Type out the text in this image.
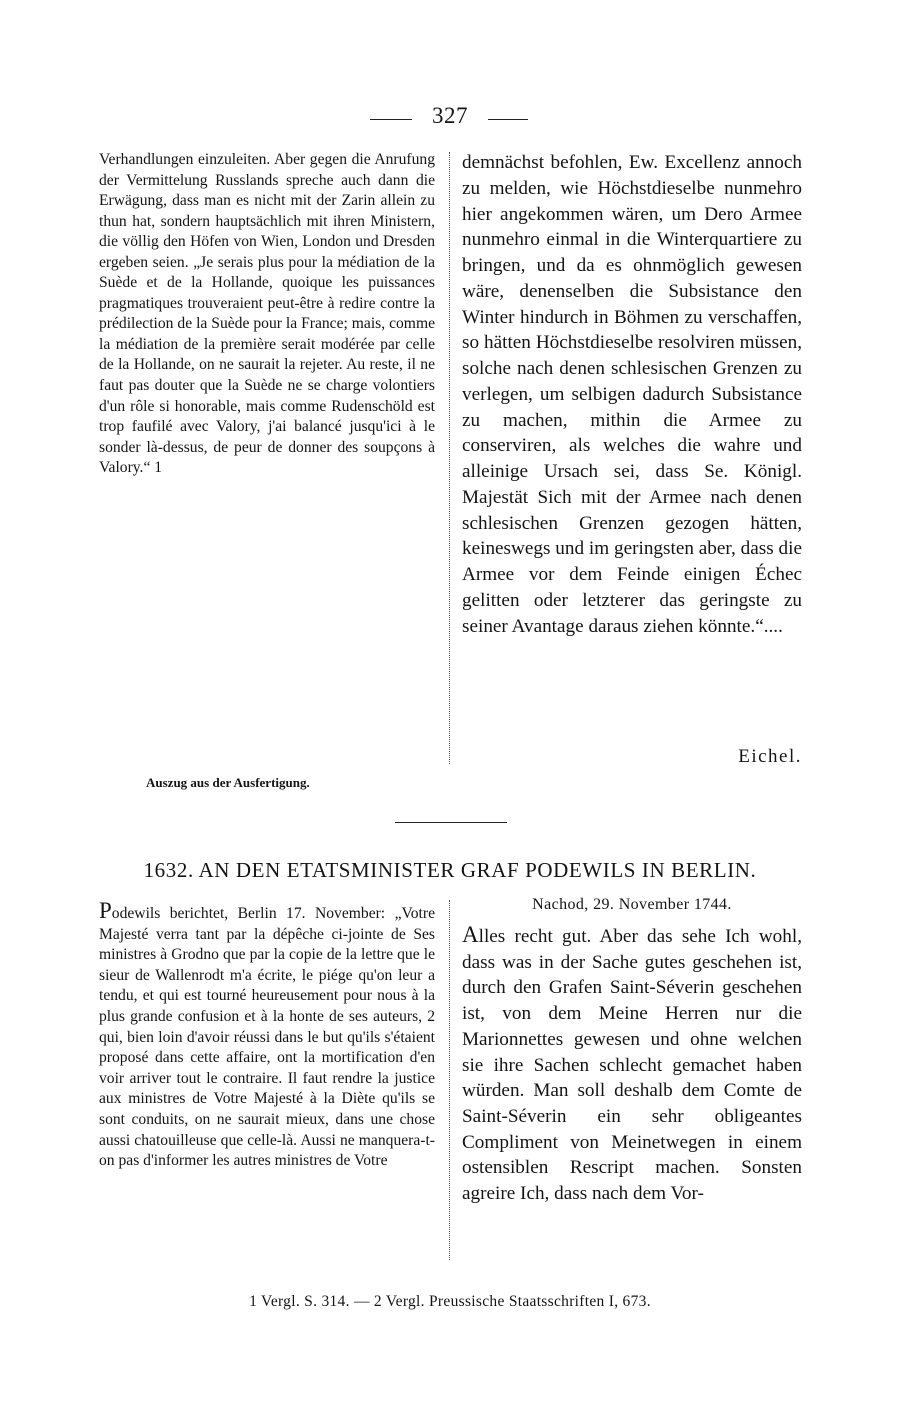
327

Verhandlungen einzuleiten. Aber gegen die Anrufung der Vermittelung Russlands spreche auch dann die Erwägung, dass man es nicht mit der Zarin allein zu thun hat, sondern hauptsächlich mit ihren Ministern, die völlig den Höfen von Wien, London und Dresden ergeben seien. „Je serais plus pour la médiation de la Suède et de la Hollande, quoique les puissances pragmatiques trouveraient peut-être à redire contre la prédilection de la Suède pour la France; mais, comme la médiation de la première serait modérée par celle de la Hollande, on ne saurait la rejeter. Au reste, il ne faut pas douter que la Suède ne se charge volontiers d'un rôle si honorable, mais comme Rudenschöld est trop faufilé avec Valory, j'ai balancé jusqu'ici à le sonder là-dessus, de peur de donner des soupçons à Valory.“ 1

demnächst befohlen, Ew. Excellenz annoch zu melden, wie Höchstdieselbe nunmehro hier angekommen wären, um Dero Armee nunmehro einmal in die Winterquartiere zu bringen, und da es ohnmöglich gewesen wäre, denenselben die Subsistance den Winter hindurch in Böhmen zu verschaffen, so hätten Höchstdieselbe resolviren müssen, solche nach denen schlesischen Grenzen zu verlegen, um selbigen dadurch Subsistance zu machen, mithin die Armee zu conserviren, als welches die wahre und alleinige Ursach sei, dass Se. Königl. Majestät Sich mit der Armee nach denen schlesischen Grenzen gezogen hätten, keineswegs und im geringsten aber, dass die Armee vor dem Feinde einigen Échec gelitten oder letzterer das geringste zu seiner Avantage daraus ziehen könnte.“....

Eichel.
Auszug aus der Ausfertigung.
1632. AN DEN ETATSMINISTER GRAF PODEWILS IN BERLIN.

Podewils berichtet, Berlin 17. November: „Votre Majesté verra tant par la dépêche ci-jointe de Ses ministres à Grodno que par la copie de la lettre que le sieur de Wallenrodt m'a écrite, le piége qu'on leur a tendu, et qui est tourné heureusement pour nous à la plus grande confusion et à la honte de ses auteurs, 2 qui, bien loin d'avoir réussi dans le but qu'ils s'étaient proposé dans cette affaire, ont la mortification d'en voir arriver tout le contraire. Il faut rendre la justice aux ministres de Votre Majesté à la Diète qu'ils se sont conduits, on ne saurait mieux, dans une chose aussi chatouilleuse que celle-là. Aussi ne manquera-t-on pas d'informer les autres ministres de Votre

Nachod, 29. November 1744.

Alles recht gut. Aber das sehe Ich wohl, dass was in der Sache gutes geschehen ist, durch den Grafen Saint-Séverin geschehen ist, von dem Meine Herren nur die Marionnettes gewesen und ohne welchen sie ihre Sachen schlecht gemachet haben würden. Man soll deshalb dem Comte de Saint-Séverin ein sehr obligeantes Compliment von Meinetwegen in einem ostensiblen Rescript machen. Sonsten agreire Ich, dass nach dem Vor-

1 Vergl. S. 314. — 2 Vergl. Preussische Staatsschriften I, 673.
